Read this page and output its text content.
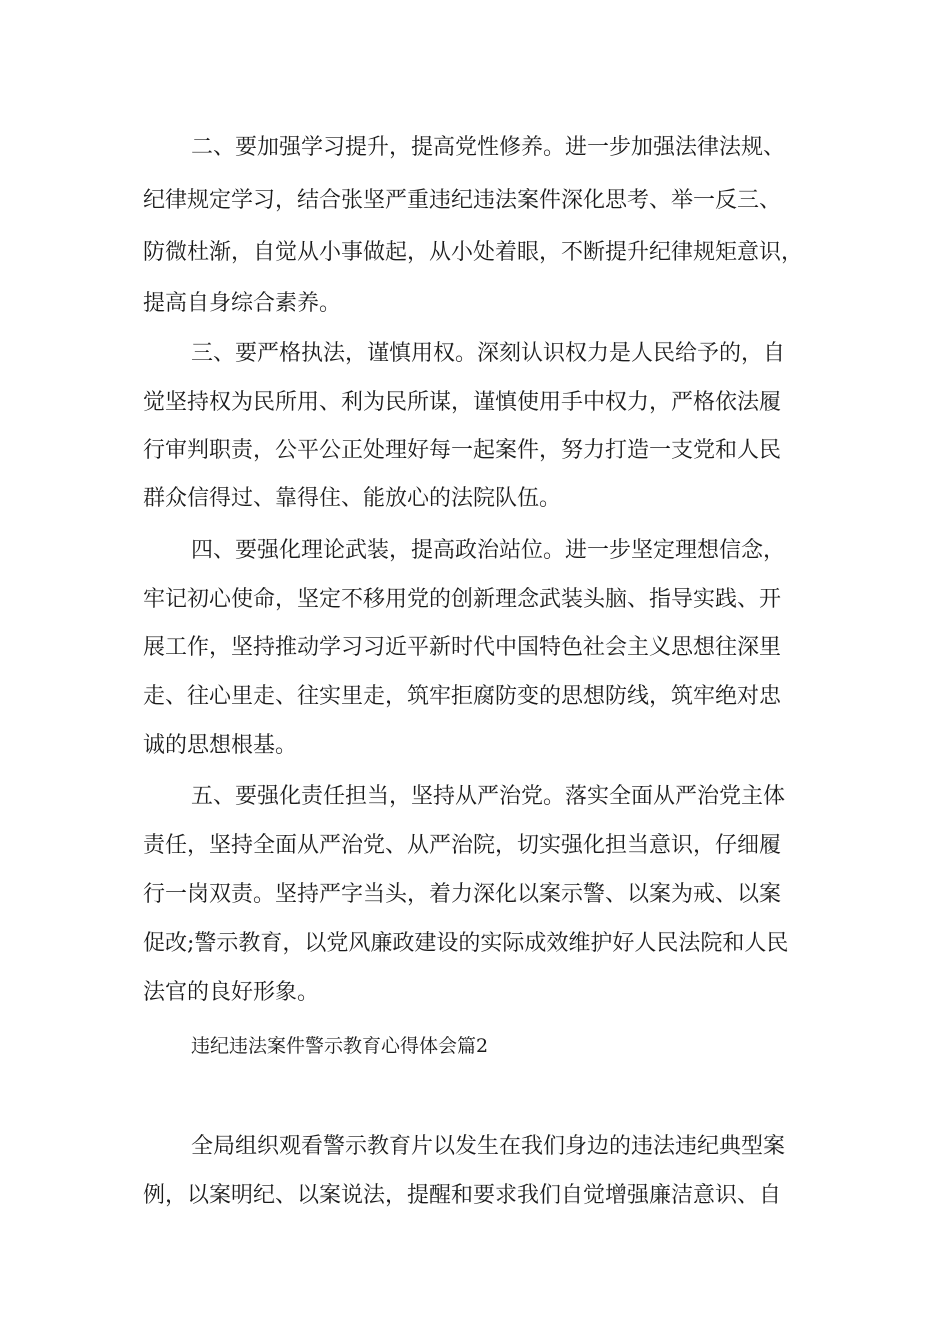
二、要加强学习提升，提高党性修养。进一步加强法律法规、
纪律规定学习，结合张坚严重违纪违法案件深化思考、举一反三、
防微杜渐，自觉从小事做起，从小处着眼，不断提升纪律规矩意识，
提高自身综合素养。
三、要严格执法，谨慎用权。深刻认识权力是人民给予的，自
觉坚持权为民所用、利为民所谋，谨慎使用手中权力，严格依法履
行审判职责，公平公正处理好每一起案件，努力打造一支党和人民
群众信得过、靠得住、能放心的法院队伍。
四、要强化理论武装，提高政治站位。进一步坚定理想信念，
牢记初心使命，坚定不移用党的创新理念武装头脑、指导实践、开
展工作，坚持推动学习习近平新时代中国特色社会主义思想往深里
走、往心里走、往实里走，筑牢拒腐防变的思想防线，筑牢绝对忠
诚的思想根基。
五、要强化责任担当，坚持从严治党。落实全面从严治党主体
责任，坚持全面从严治党、从严治院，切实强化担当意识，仔细履
行一岗双责。坚持严字当头，着力深化以案示警、以案为戒、以案
促改;警示教育，以党风廉政建设的实际成效维护好人民法院和人民
法官的良好形象。
违纪违法案件警示教育心得体会篇2
全局组织观看警示教育片以发生在我们身边的违法违纪典型案
例，以案明纪、以案说法，提醒和要求我们自觉增强廉洁意识、自
